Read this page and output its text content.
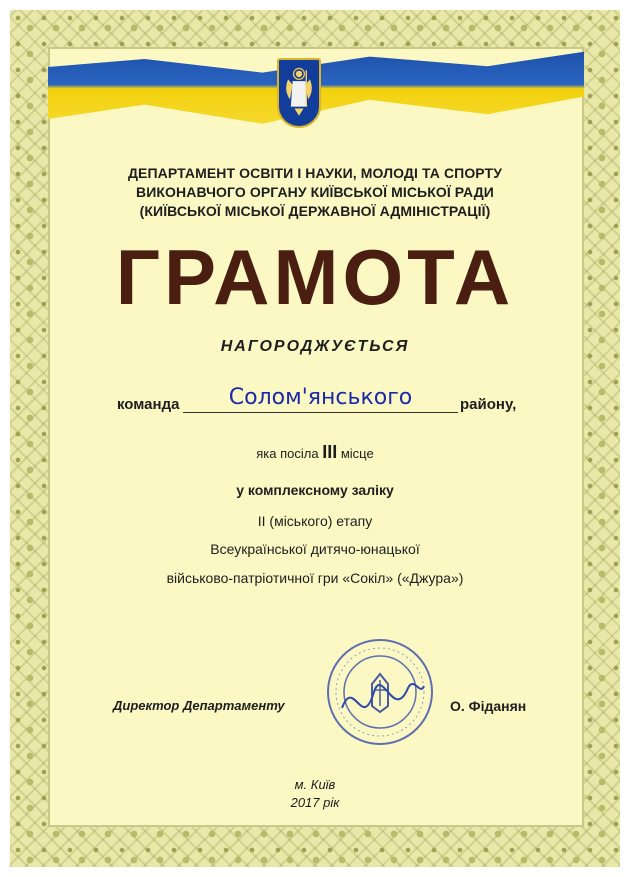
ДЕПАРТАМЕНТ ОСВІТИ І НАУКИ, МОЛОДІ ТА СПОРТУ
ВИКОНАВЧОГО ОРГАНУ КИЇВСЬКОЇ МІСЬКОЇ РАДИ
(КИЇВСЬКОЇ МІСЬКОЇ ДЕРЖАВНОЇ АДМІНІСТРАЦІЇ)
ГРАМОТА
НАГОРОДЖУЄТЬСЯ
команда	Солом'янського	району,
яка посіла III місце
у комплексному заліку
II (міського) етапу
Всеукраїнської дитячо-юнацької
військово-патріотичної гри «Сокіл» («Джура»)
Директор Департаменту	О. Фіданян
м. Київ
2017 рік
